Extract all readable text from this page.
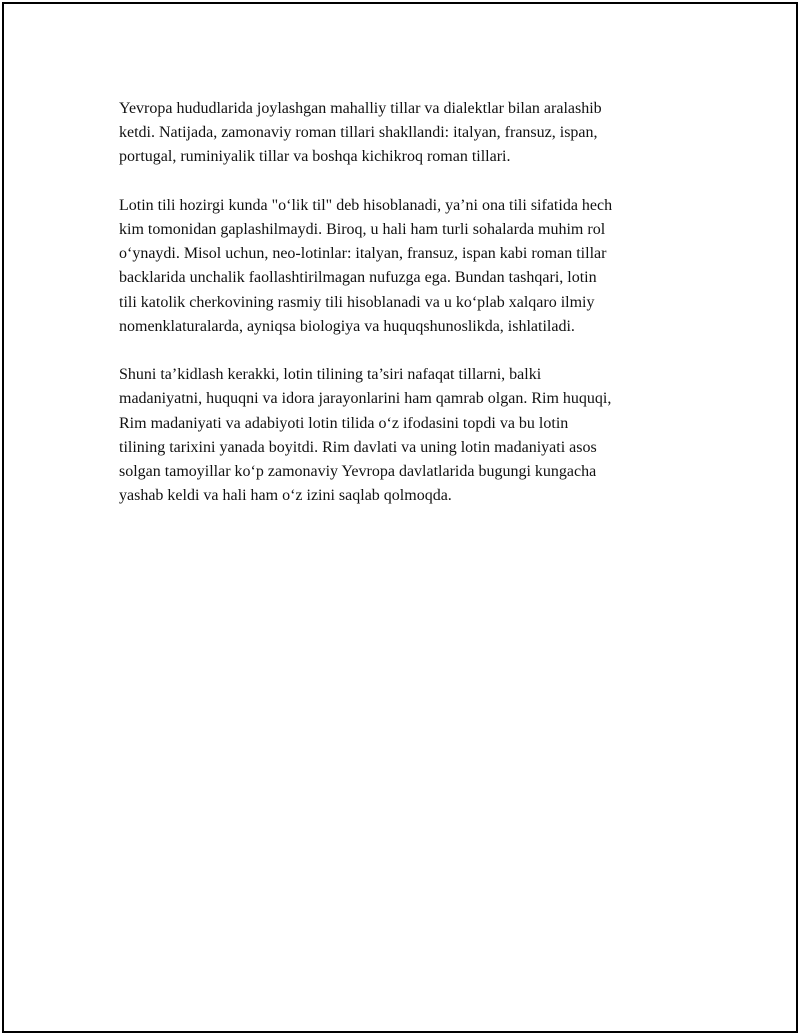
Yevropa hududlarida joylashgan mahalliy tillar va dialektlar bilan aralashib
ketdi. Natijada, zamonaviy roman tillari shakllandi: italyan, fransuz, ispan,
portugal, ruminiyalik tillar va boshqa kichikroq roman tillari.

Lotin tili hozirgi kunda "o‘lik til" deb hisoblanadi, ya’ni ona tili sifatida hech
kim tomonidan gaplashilmaydi. Biroq, u hali ham turli sohalarda muhim rol
o‘ynaydi. Misol uchun, neo-lotinlar: italyan, fransuz, ispan kabi roman tillar
backlarida unchalik faollashtirilmagan nufuzga ega. Bundan tashqari, lotin
tili katolik cherkovining rasmiy tili hisoblanadi va u ko‘plab xalqaro ilmiy
nomenklaturalarda, ayniqsa biologiya va huquqshunoslikda, ishlatiladi.

Shuni ta’kidlash kerakki, lotin tilining ta’siri nafaqat tillarni, balki
madaniyatni, huquqni va idora jarayonlarini ham qamrab olgan. Rim huquqi,
Rim madaniyati va adabiyoti lotin tilida o‘z ifodasini topdi va bu lotin
tilining tarixini yanada boyitdi. Rim davlati va uning lotin madaniyati asos
solgan tamoyillar ko‘p zamonaviy Yevropa davlatlarida bugungi kungacha
yashab keldi va hali ham o‘z izini saqlab qolmoqda.
